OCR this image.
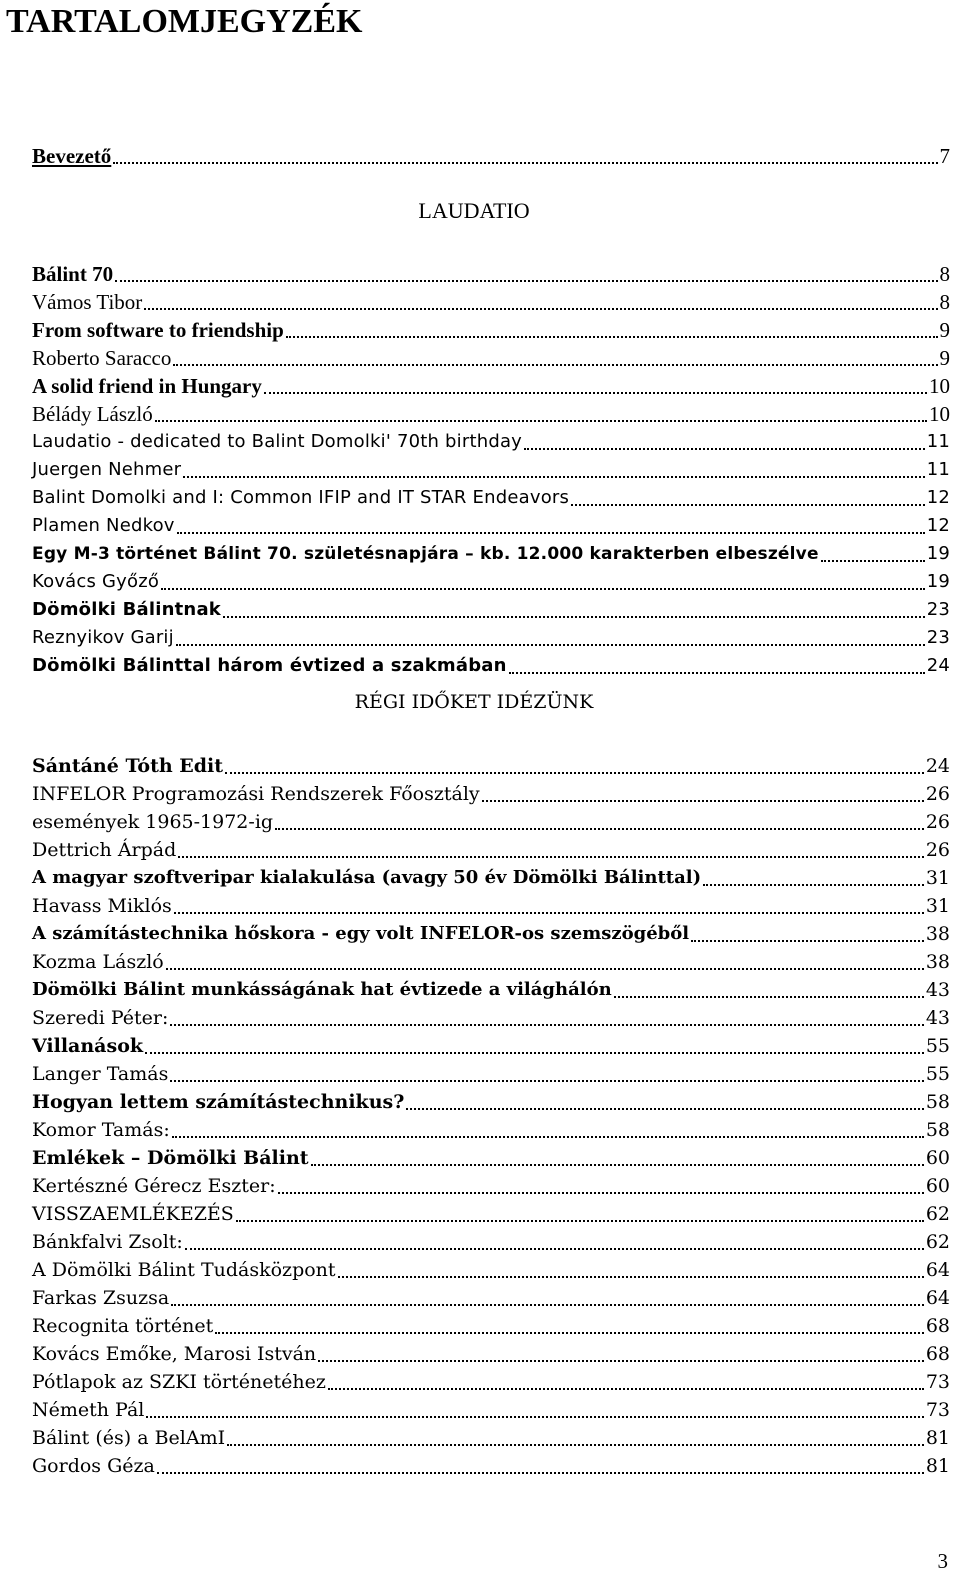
TARTALOMJEGYZÉK
Bevezető	7
Bálint 70	8
Vámos Tibor	8
From software to friendship	9
Roberto Saracco	9
A solid friend in Hungary	10
Bélády László	10
Laudatio - dedicated to Balint Domolki' 70th birthday	11
Juergen Nehmer	11
Balint Domolki and I: Common IFIP and IT STAR Endeavors	12
Plamen Nedkov	12
Egy M-3 történet Bálint 70. születésnapjára – kb. 12.000 karakterben elbeszélve	19
Kovács Győző	19
Dömölki Bálintnak	23
Reznyikov Garij	23
Dömölki Bálinttal három évtized a szakmában	24
Sántáné Tóth Edit	24
INFELOR Programozási Rendszerek Főosztály	26
események 1965-1972-ig	26
Dettrich Árpád	26
A magyar szoftveripar kialakulása (avagy 50 év Dömölki Bálinttal)	31
Havass Miklós	31
A számítástechnika hőskora - egy volt INFELOR-os szemszögéből	38
Kozma László	38
Dömölki Bálint munkásságának hat évtizede a világhálón	43
Szeredi Péter:	43
Villanások	55
Langer Tamás	55
Hogyan lettem számítástechnikus?	58
Komor Tamás:	58
Emlékek – Dömölki Bálint	60
Kertészné Gérecz Eszter:	60
VISSZAEMLÉKEZÉS	62
Bánkfalvi Zsolt:	62
A Dömölki Bálint Tudásközpont	64
Farkas Zsuzsa	64
Recognita történet	68
Kovács Emőke, Marosi István	68
Pótlapok az SZKI történetéhez	73
Németh Pál	73
Bálint (és) a BelAmI	81
Gordos Géza	81
LAUDATIO
RÉGI IDŐKET IDÉZÜNK
3
